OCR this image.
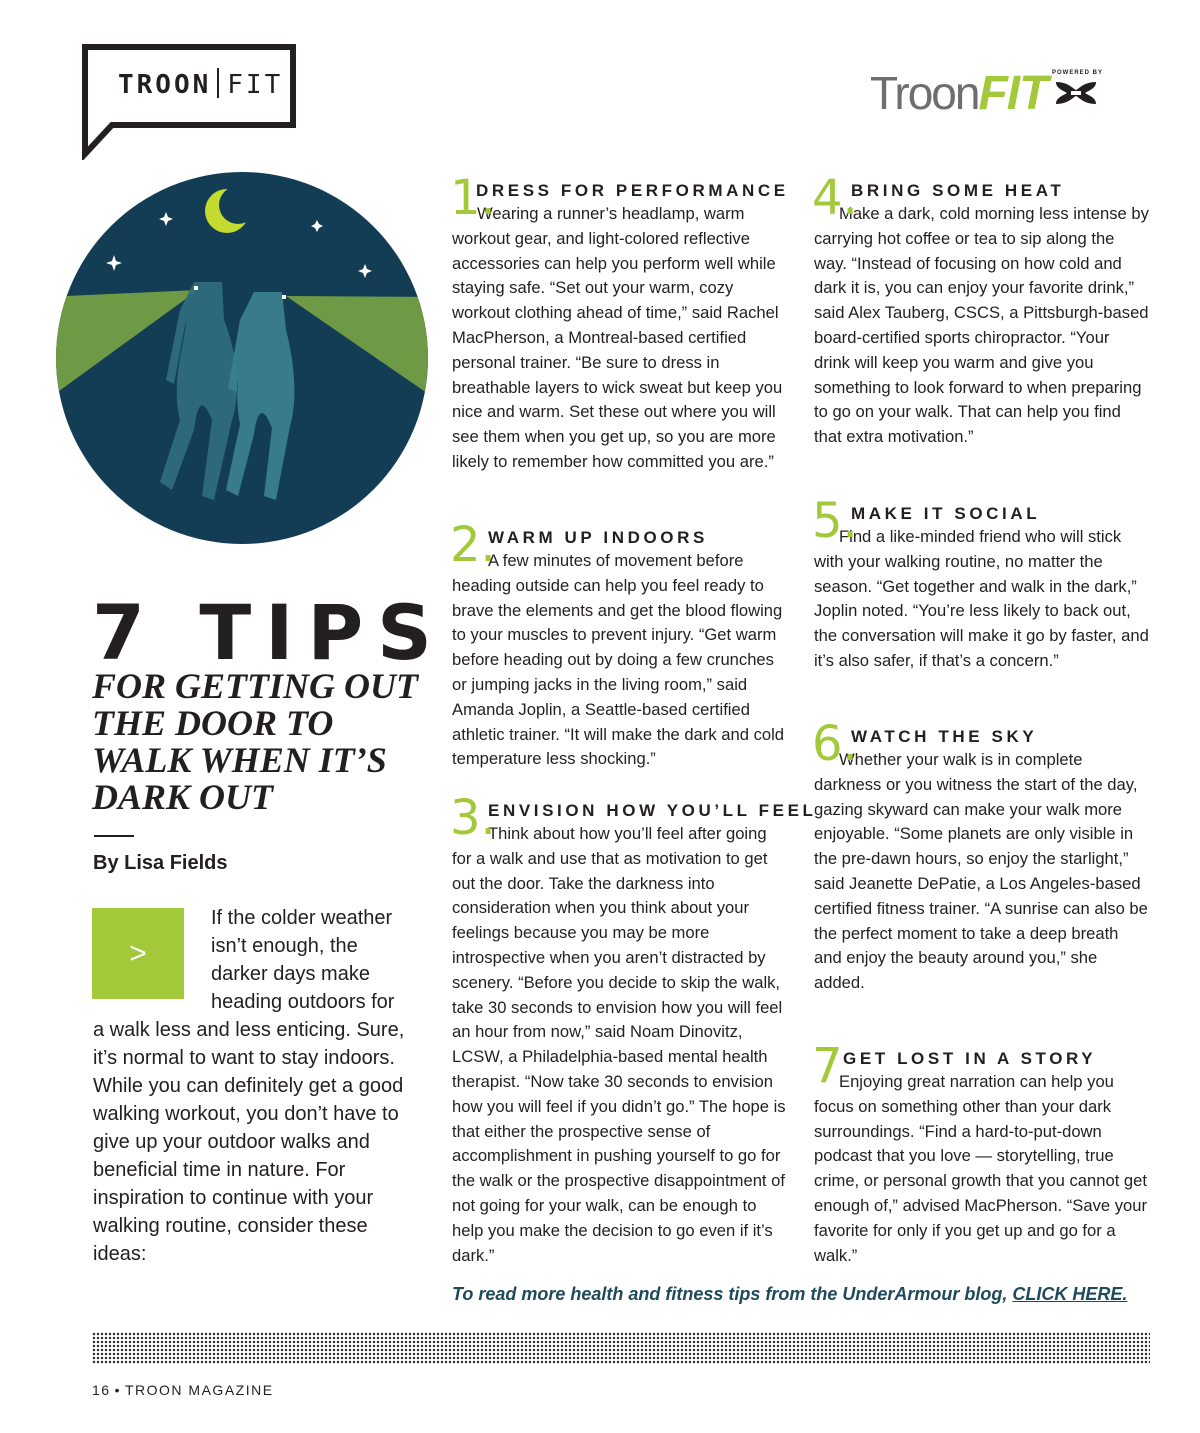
TROON FIT	TroonFIT POWERED BY
7 TIPS
FOR GETTING OUT THE DOOR TO WALK WHEN IT’S DARK OUT
By Lisa Fields
>

If the colder weather isn’t enough, the darker days make heading outdoors for a walk less and less enticing. Sure, it’s normal to want to stay indoors. While you can definitely get a good walking workout, you don’t have to give up your outdoor walks and beneficial time in nature. For inspiration to continue with your walking routine, consider these ideas:

1.
DRESS FOR PERFORMANCE

Wearing a runner’s headlamp, warm workout gear, and light-colored reflective accessories can help you perform well while staying safe. “Set out your warm, cozy workout clothing ahead of time,” said Rachel MacPherson, a Montreal-based certified personal trainer. “Be sure to dress in breathable layers to wick sweat but keep you nice and warm. Set these out where you will see them when you get up, so you are more likely to remember how committed you are.”

2.
WARM UP INDOORS

A few minutes of movement before heading outside can help you feel ready to brave the elements and get the blood flowing to your muscles to prevent injury. “Get warm before heading out by doing a few crunches or jumping jacks in the living room,” said Amanda Joplin, a Seattle-based certified athletic trainer. “It will make the dark and cold temperature less shocking.”

3.
ENVISION HOW YOU’LL FEEL

Think about how you’ll feel after going for a walk and use that as motivation to get out the door. Take the darkness into consideration when you think about your feelings because you may be more introspective when you aren’t distracted by scenery. “Before you decide to skip the walk, take 30 seconds to envision how you will feel an hour from now,” said Noam Dinovitz, LCSW, a Philadelphia-based mental health therapist. “Now take 30 seconds to envision how you will feel if you didn’t go.” The hope is that either the prospective sense of accomplishment in pushing yourself to go for the walk or the prospective disappointment of not going for your walk, can be enough to help you make the decision to go even if it’s dark.”

4.
BRING SOME HEAT

Make a dark, cold morning less intense by carrying hot coffee or tea to sip along the way. “Instead of focusing on how cold and dark it is, you can enjoy your favorite drink,” said Alex Tauberg, CSCS, a Pittsburgh-based board-certified sports chiropractor. “Your drink will keep you warm and give you something to look forward to when preparing to go on your walk. That can help you find that extra motivation.”

5.
MAKE IT SOCIAL

Find a like-minded friend who will stick with your walking routine, no matter the season. “Get together and walk in the dark,” Joplin noted. “You’re less likely to back out, the conversation will make it go by faster, and it’s also safer, if that’s a concern.”

6.
WATCH THE SKY

Whether your walk is in complete darkness or you witness the start of the day, gazing skyward can make your walk more enjoyable. “Some planets are only visible in the pre-dawn hours, so enjoy the starlight,” said Jeanette DePatie, a Los Angeles-based certified fitness trainer. “A sunrise can also be the perfect moment to take a deep breath and enjoy the beauty around you,” she added.

7 GET LOST IN A STORY

Enjoying great narration can help you focus on something other than your dark surroundings. “Find a hard-to-put-down podcast that you love — storytelling, true crime, or personal growth that you cannot get enough of,” advised MacPherson. “Save your favorite for only if you get up and go for a walk.”

To read more health and fitness tips from the UnderArmour blog, CLICK HERE.

16 • TROON MAGAZINE
